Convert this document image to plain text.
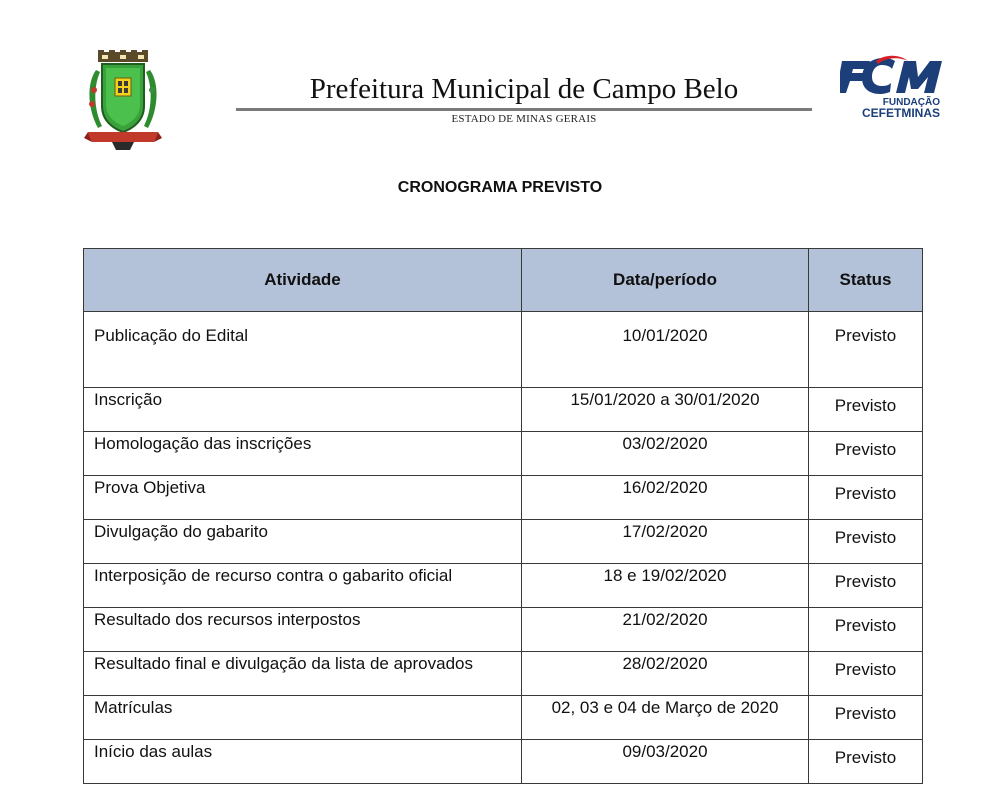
Prefeitura Municipal de Campo Belo
ESTADO DE MINAS GERAIS
FUNDAÇÃO
CEFETMINAS
CRONOGRAMA PREVISTO
Atividade	Data/período	Status
Publicação do Edital	10/01/2020	Previsto
Inscrição	15/01/2020 a 30/01/2020	Previsto
Homologação das inscrições	03/02/2020	Previsto
Prova Objetiva	16/02/2020	Previsto
Divulgação do gabarito	17/02/2020	Previsto
Interposição de recurso contra o gabarito oficial	18 e 19/02/2020	Previsto
Resultado dos recursos interpostos	21/02/2020	Previsto
Resultado final e divulgação da lista de aprovados	28/02/2020	Previsto
Matrículas	02, 03 e 04 de Março de 2020	Previsto
Início das aulas	09/03/2020	Previsto
